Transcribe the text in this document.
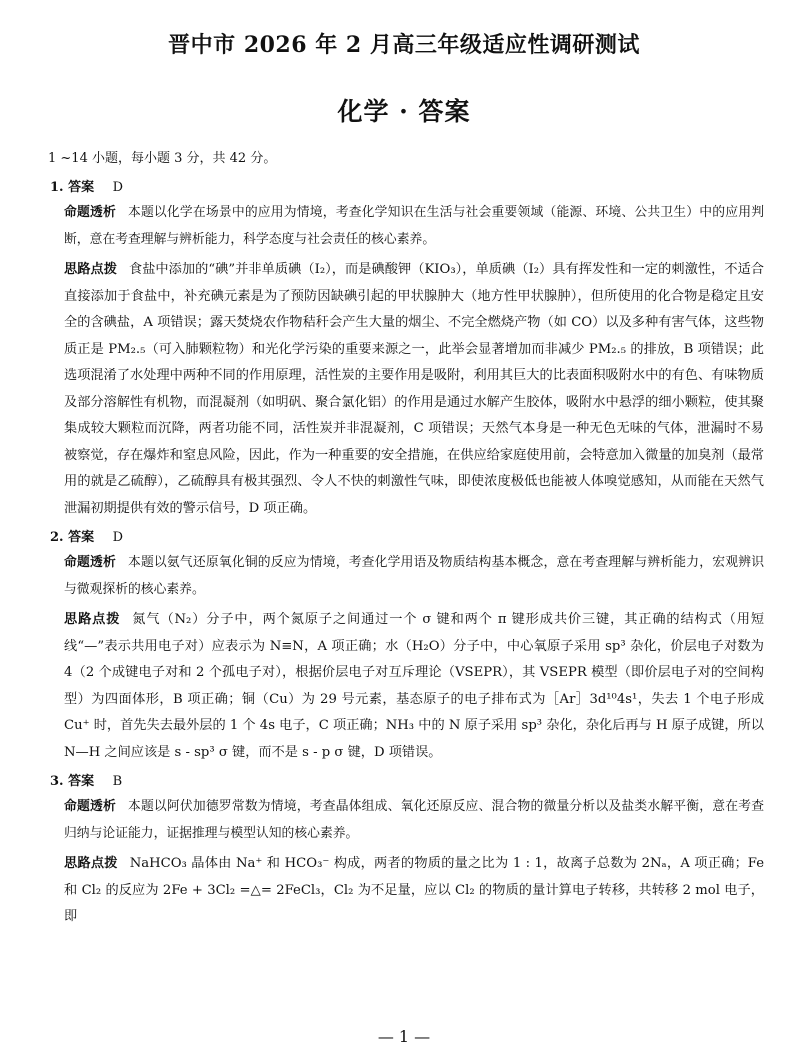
晋中市 2026 年 2 月高三年级适应性调研测试
化学 · 答案
1 ~14 小题，每小题 3 分，共 42 分。
1. 答案 D

命题透析 本题以化学在场景中的应用为情境，考查化学知识在生活与社会重要领域（能源、环境、公共卫生）中的应用判断，意在考查理解与辨析能力，科学态度与社会责任的核心素养。

思路点拨 食盐中添加的“碘”并非单质碘（I₂），而是碘酸钾（KIO₃），单质碘（I₂）具有挥发性和一定的刺激性，不适合直接添加于食盐中，补充碘元素是为了预防因缺碘引起的甲状腺肿大（地方性甲状腺肿），但所使用的化合物是稳定且安全的含碘盐，A 项错误；露天焚烧农作物秸秆会产生大量的烟尘、不完全燃烧产物（如 CO）以及多种有害气体，这些物质正是 PM₂.₅（可入肺颗粒物）和光化学污染的重要来源之一，此举会显著增加而非减少 PM₂.₅ 的排放，B 项错误；此选项混淆了水处理中两种不同的作用原理，活性炭的主要作用是吸附，利用其巨大的比表面积吸附水中的有色、有味物质及部分溶解性有机物，而混凝剂（如明矾、聚合氯化铝）的作用是通过水解产生胶体，吸附水中悬浮的细小颗粒，使其聚集成较大颗粒而沉降，两者功能不同，活性炭并非混凝剂，C 项错误；天然气本身是一种无色无味的气体，泄漏时不易被察觉，存在爆炸和窒息风险，因此，作为一种重要的安全措施，在供应给家庭使用前，会特意加入微量的加臭剂（最常用的就是乙硫醇），乙硫醇具有极其强烈、令人不快的刺激性气味，即使浓度极低也能被人体嗅觉感知，从而能在天然气泄漏初期提供有效的警示信号，D 项正确。

2. 答案 D

命题透析 本题以氨气还原氧化铜的反应为情境，考查化学用语及物质结构基本概念，意在考查理解与辨析能力，宏观辨识与微观探析的核心素养。

思路点拨 氮气（N₂）分子中，两个氮原子之间通过一个 σ 键和两个 π 键形成共价三键，其正确的结构式（用短线“—”表示共用电子对）应表示为 N≡N，A 项正确；水（H₂O）分子中，中心氧原子采用 sp³ 杂化，价层电子对数为 4（2 个成键电子对和 2 个孤电子对），根据价层电子对互斥理论（VSEPR），其 VSEPR 模型（即价层电子对的空间构型）为四面体形，B 项正确；铜（Cu）为 29 号元素，基态原子的电子排布式为［Ar］3d¹⁰4s¹，失去 1 个电子形成 Cu⁺ 时，首先失去最外层的 1 个 4s 电子，C 项正确；NH₃ 中的 N 原子采用 sp³ 杂化，杂化后再与 H 原子成键，所以 N—H 之间应该是 s - sp³ σ 键，而不是 s - p σ 键，D 项错误。

3. 答案 B

命题透析 本题以阿伏加德罗常数为情境，考查晶体组成、氧化还原反应、混合物的微量分析以及盐类水解平衡，意在考查归纳与论证能力，证据推理与模型认知的核心素养。

思路点拨 NaHCO₃ 晶体由 Na⁺ 和 HCO₃⁻ 构成，两者的物质的量之比为 1 : 1，故离子总数为 2Nₐ，A 项正确；Fe 和 Cl₂ 的反应为 2Fe + 3Cl₂ =△= 2FeCl₃，Cl₂ 为不足量，应以 Cl₂ 的物质的量计算电子转移，共转移 2 mol 电子，即

— 1 —
